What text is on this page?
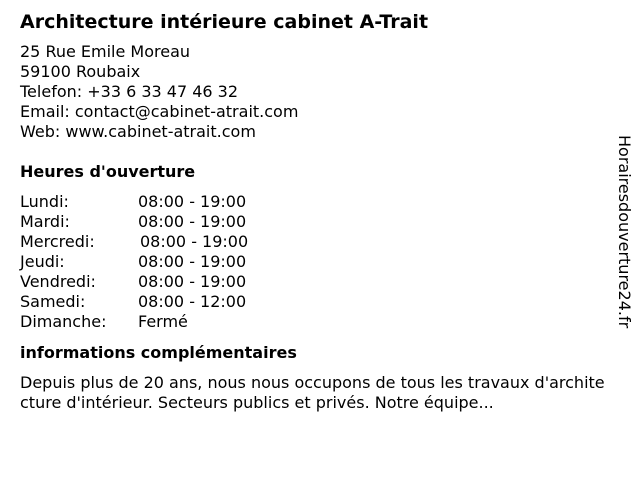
Architecture intérieure cabinet A-Trait
25 Rue Emile Moreau
59100 Roubaix
Telefon: +33 6 33 47 46 32
Email: contact@cabinet-atrait.com
Web: www.cabinet-atrait.com
Heures d'ouverture
Lundi:	08:00 - 19:00
Mardi:	08:00 - 19:00
Mercredi:	08:00 - 19:00
Jeudi:	08:00 - 19:00
Vendredi:	08:00 - 19:00
Samedi:	08:00 - 12:00
Dimanche: Fermé
informations complémentaires
Depuis plus de 20 ans, nous nous occupons de tous les travaux d'architecture d'intérieur. Secteurs publics et privés. Notre équipe...
Horairesdouverture24.fr
